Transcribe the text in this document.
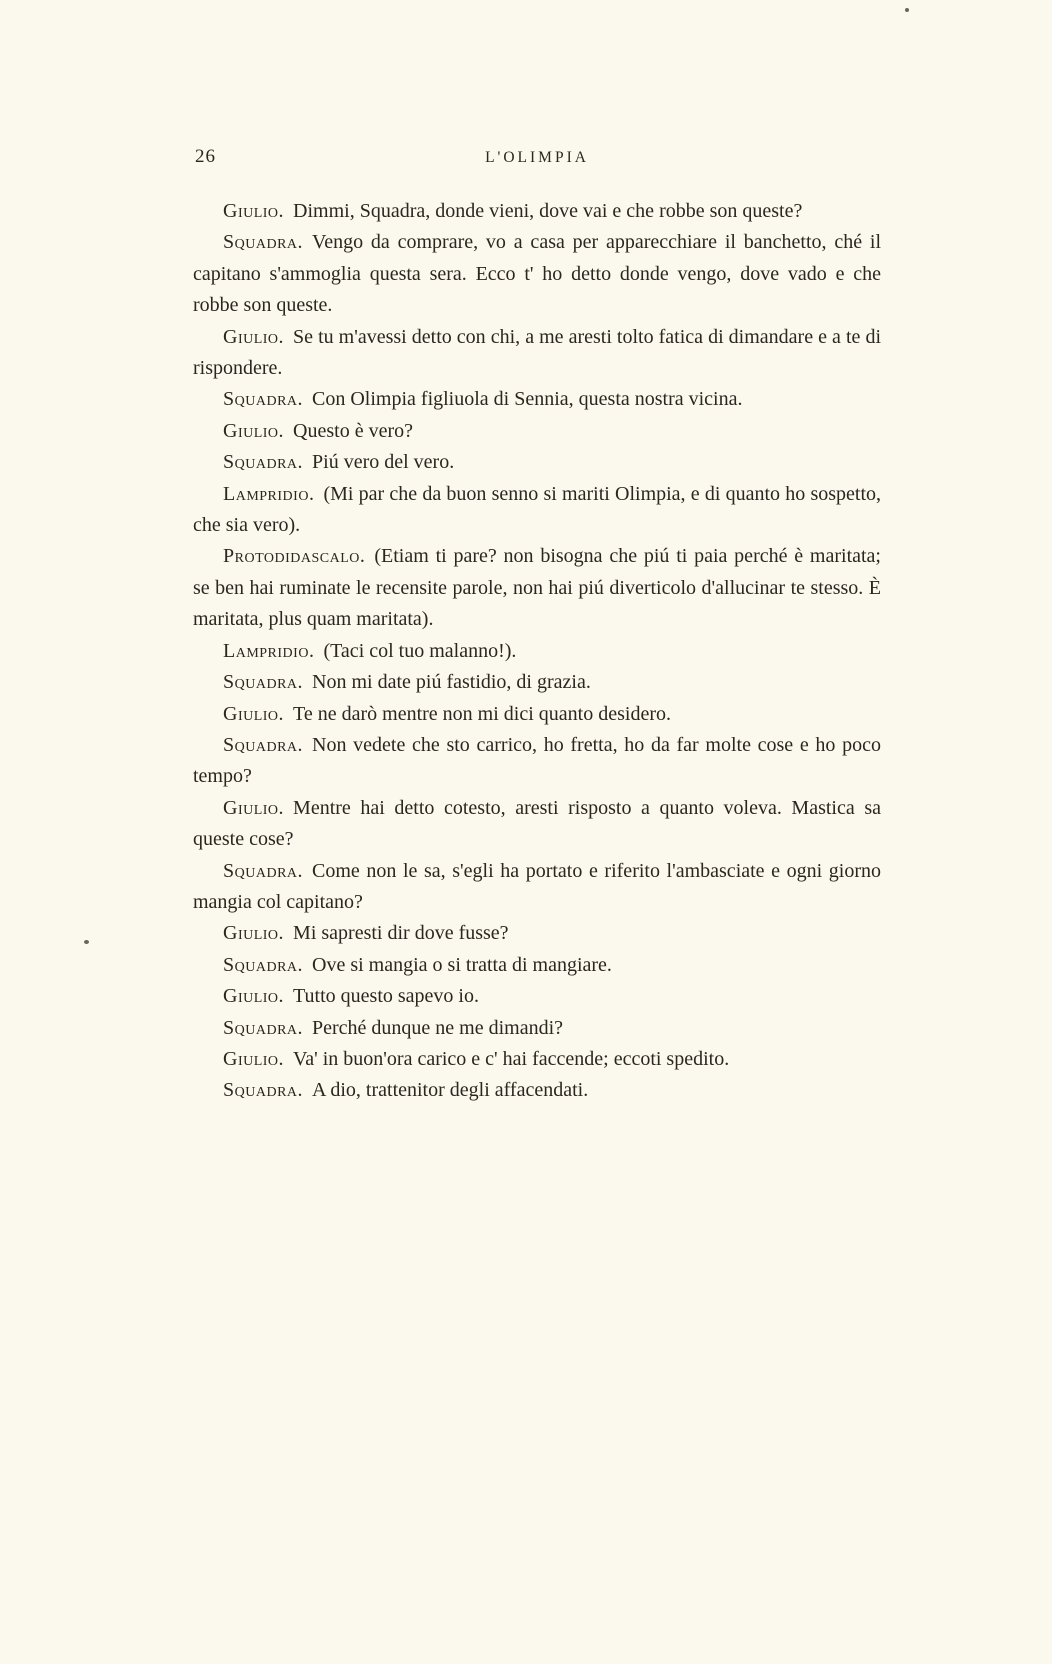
26	L'OLIMPIA

Giulio. Dimmi, Squadra, donde vieni, dove vai e che robbe son queste?

Squadra. Vengo da comprare, vo a casa per apparecchiare il banchetto, ché il capitano s'ammoglia questa sera. Ecco t' ho detto donde vengo, dove vado e che robbe son queste.

Giulio. Se tu m'avessi detto con chi, a me aresti tolto fatica di dimandare e a te di rispondere.

Squadra. Con Olimpia figliuola di Sennia, questa nostra vicina.

Giulio. Questo è vero?

Squadra. Piú vero del vero.

Lampridio. (Mi par che da buon senno si mariti Olimpia, e di quanto ho sospetto, che sia vero).

Protodidascalo. (Etiam ti pare? non bisogna che piú ti paia perché è maritata; se ben hai ruminate le recensite parole, non hai piú diverticolo d'allucinar te stesso. È maritata, plus quam maritata).

Lampridio. (Taci col tuo malanno!).

Squadra. Non mi date piú fastidio, di grazia.

Giulio. Te ne darò mentre non mi dici quanto desidero.

Squadra. Non vedete che sto carrico, ho fretta, ho da far molte cose e ho poco tempo?

Giulio. Mentre hai detto cotesto, aresti risposto a quanto voleva. Mastica sa queste cose?

Squadra. Come non le sa, s'egli ha portato e riferito l'ambasciate e ogni giorno mangia col capitano?

Giulio. Mi sapresti dir dove fusse?

Squadra. Ove si mangia o si tratta di mangiare.

Giulio. Tutto questo sapevo io.

Squadra. Perché dunque ne me dimandi?

Giulio. Va' in buon'ora carico e c' hai faccende; eccoti spedito.

Squadra. A dio, trattenitor degli affacendati.
